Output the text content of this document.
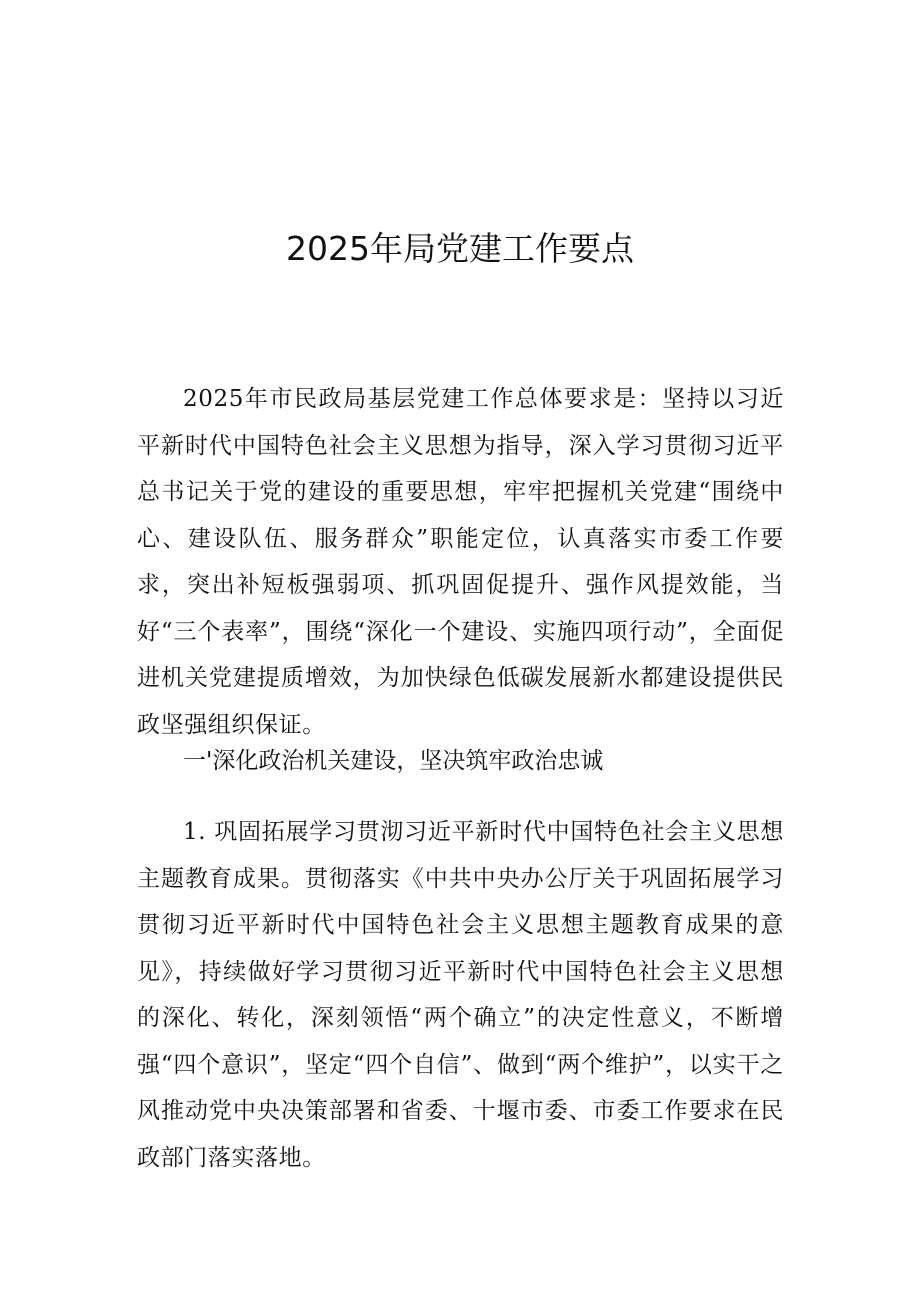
2025年局党建工作要点

2025年市民政局基层党建工作总体要求是：坚持以习近平新时代中国特色社会主义思想为指导，深入学习贯彻习近平总书记关于党的建设的重要思想，牢牢把握机关党建“围绕中心、建设队伍、服务群众”职能定位，认真落实市委工作要求，突出补短板强弱项、抓巩固促提升、强作风提效能，当好“三个表率”，围绕“深化一个建设、实施四项行动”，全面促进机关党建提质增效，为加快绿色低碳发展新水都建设提供民政坚强组织保证。

一'深化政治机关建设，坚决筑牢政治忠诚

1. 巩固拓展学习贯沏习近平新时代中国特色社会主义思想主题教育成果。贯彻落实《中共中央办公厅关于巩固拓展学习贯彻习近平新时代中国特色社会主义思想主题教育成果的意见》，持续做好学习贯彻习近平新时代中国特色社会主义思想的深化、转化，深刻领悟“两个确立”的决定性意义，不断增强“四个意识”，坚定“四个自信”、做到“两个维护”，以实干之风推动党中央决策部署和省委、十堰市委、市委工作要求在民政部门落实落地。
